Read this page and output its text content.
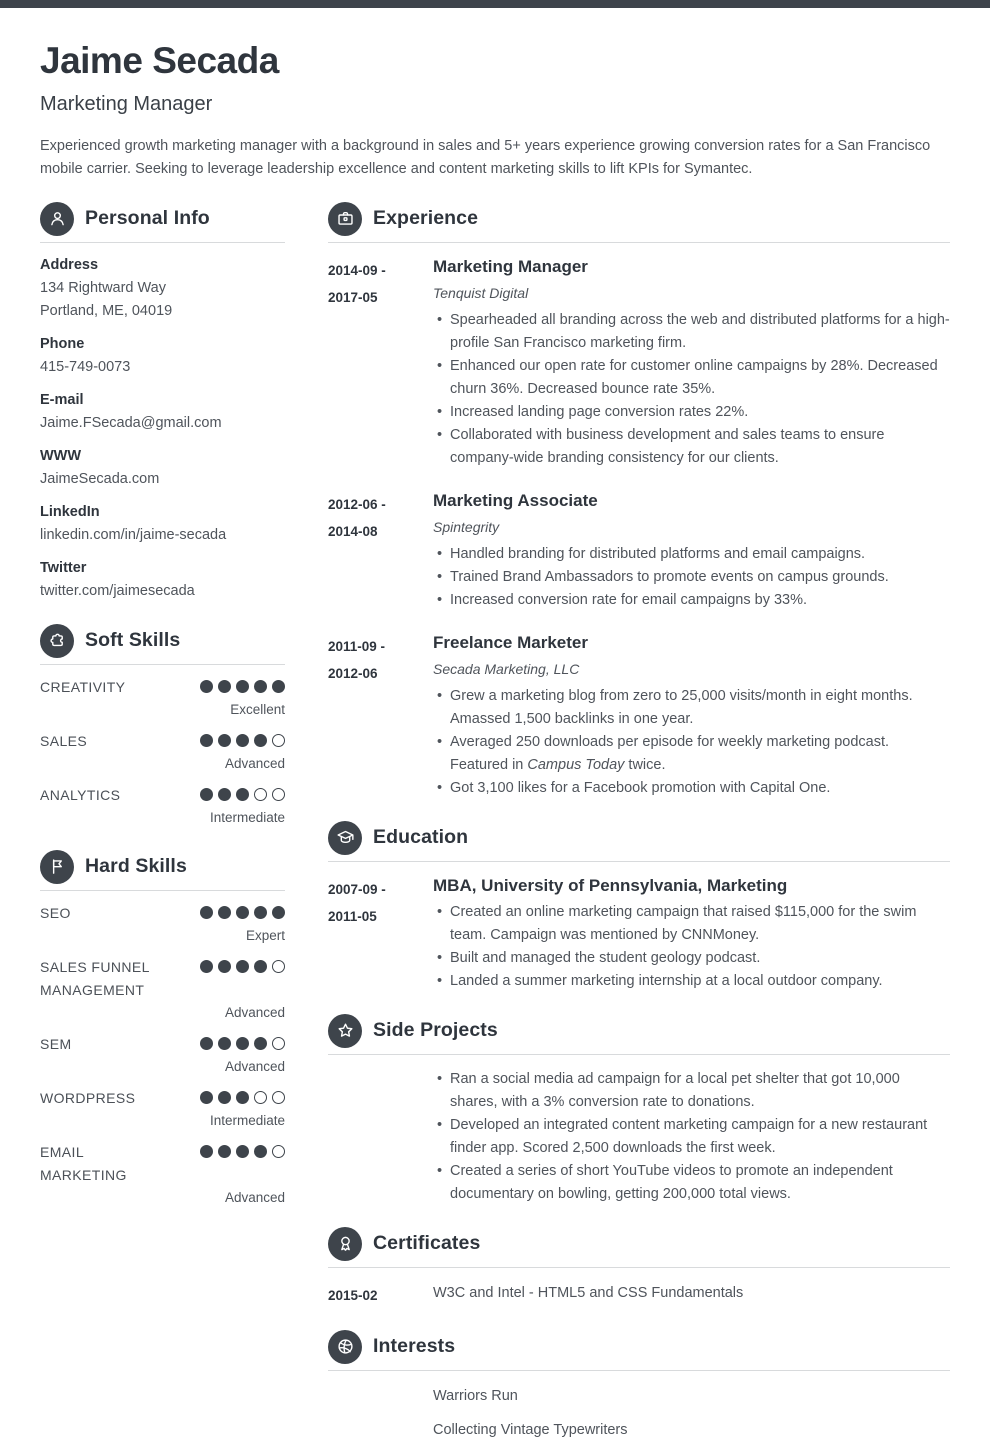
Jaime Secada
Marketing Manager

Experienced growth marketing manager with a background in sales and 5+ years experience growing conversion rates for a San Francisco mobile carrier. Seeking to leverage leadership excellence and content marketing skills to lift KPIs for Symantec.

Personal Info
Address
134 Rightward Way
Portland, ME, 04019
Phone
415-749-0073
E-mail
Jaime.FSecada@gmail.com
WWW
JaimeSecada.com
LinkedIn
linkedin.com/in/jaime-secada
Twitter
twitter.com/jaimesecada
Soft Skills
CREATIVITY
Excellent
SALES
Advanced
ANALYTICS
Intermediate
Hard Skills
SEO
Expert
SALES FUNNEL MANAGEMENT
Advanced
SEM
Advanced
WORDPRESS
Intermediate
EMAIL MARKETING
Advanced
Experience
2014-09 -
2017-05
Marketing Manager
Tenquist Digital
• Spearheaded all branding across the web and distributed platforms for a high-profile San Francisco marketing firm.
• Enhanced our open rate for customer online campaigns by 28%. Decreased churn 36%. Decreased bounce rate 35%.
• Increased landing page conversion rates 22%.
• Collaborated with business development and sales teams to ensure company-wide branding consistency for our clients.
2012-06 -
2014-08
Marketing Associate
Spintegrity
• Handled branding for distributed platforms and email campaigns.
• Trained Brand Ambassadors to promote events on campus grounds.
• Increased conversion rate for email campaigns by 33%.
2011-09 -
2012-06
Freelance Marketer
Secada Marketing, LLC
• Grew a marketing blog from zero to 25,000 visits/month in eight months. Amassed 1,500 backlinks in one year.
• Averaged 250 downloads per episode for weekly marketing podcast. Featured in Campus Today twice.
• Got 3,100 likes for a Facebook promotion with Capital One.
Education
2007-09 -
2011-05
MBA, University of Pennsylvania, Marketing
• Created an online marketing campaign that raised $115,000 for the swim team. Campaign was mentioned by CNNMoney.
• Built and managed the student geology podcast.
• Landed a summer marketing internship at a local outdoor company.
Side Projects
• Ran a social media ad campaign for a local pet shelter that got 10,000 shares, with a 3% conversion rate to donations.
• Developed an integrated content marketing campaign for a new restaurant finder app. Scored 2,500 downloads the first week.
• Created a series of short YouTube videos to promote an independent documentary on bowling, getting 200,000 total views.
Certificates
2015-02	W3C and Intel - HTML5 and CSS Fundamentals
Interests
Warriors Run
Collecting Vintage Typewriters
